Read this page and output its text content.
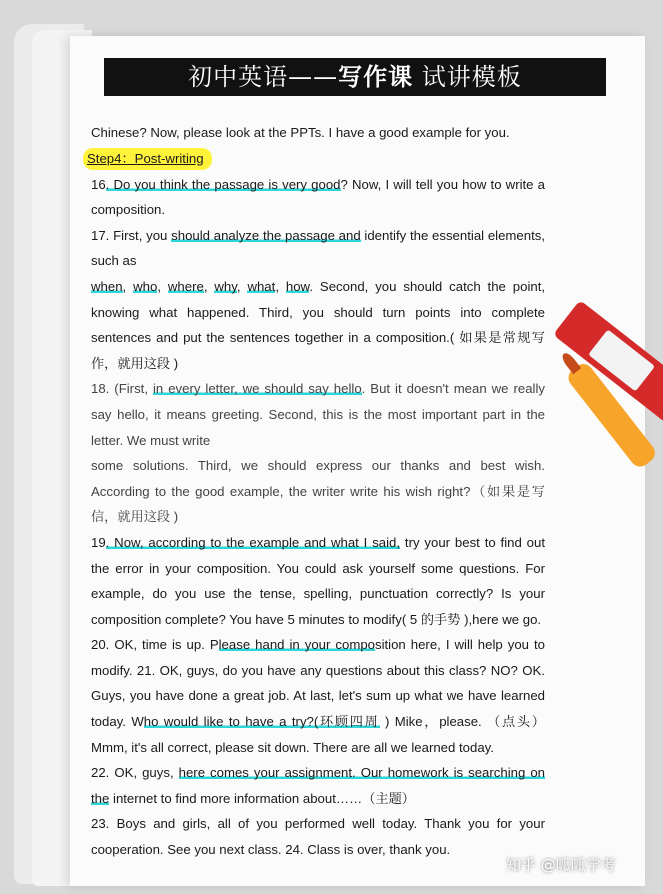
初中英语——写作课 试讲模板

Chinese? Now, please look at the PPTs. I have a good example for you.

Step4：Post-writing

16. Do you think the passage is very good? Now, I will tell you how to write a composition.

17. First, you should analyze the passage and identify the essential elements, such as
when, who, where, why, what, how. Second, you should catch the point, knowing what happened. Third, you should turn points into complete sentences and put the sentences together in a composition.( 如果是常规写作，就用这段 )

18. (First, in every letter, we should say hello. But it doesn't mean we really say hello, it means greeting. Second, this is the most important part in the letter. We must write
some solutions. Third, we should express our thanks and best wish. According to the good example, the writer write his wish right?（如果是写信，就用这段 )

19. Now, according to the example and what I said, try your best to find out the error in your composition. You could ask yourself some questions. For example, do you use the tense, spelling, punctuation correctly? Is your composition complete? You have 5 minutes to modify( 5 的手势 ),here we go.

20. OK, time is up. Please hand in your composition here, I will help you to modify. 21. OK, guys, do you have any questions about this class? NO? OK. Guys, you have done a great job. At last, let's sum up what we have learned today. Who would like to have a try?(环顾四周 ) Mike，please. （点头）Mmm, it's all correct, please sit down. There are all we learned today.

22. OK, guys, here comes your assignment. Our homework is searching on the internet to find more information about……（主题）

23. Boys and girls, all of you performed well today. Thank you for your cooperation. See you next class. 24. Class is over, thank you.

知乎 @呱呱学考
